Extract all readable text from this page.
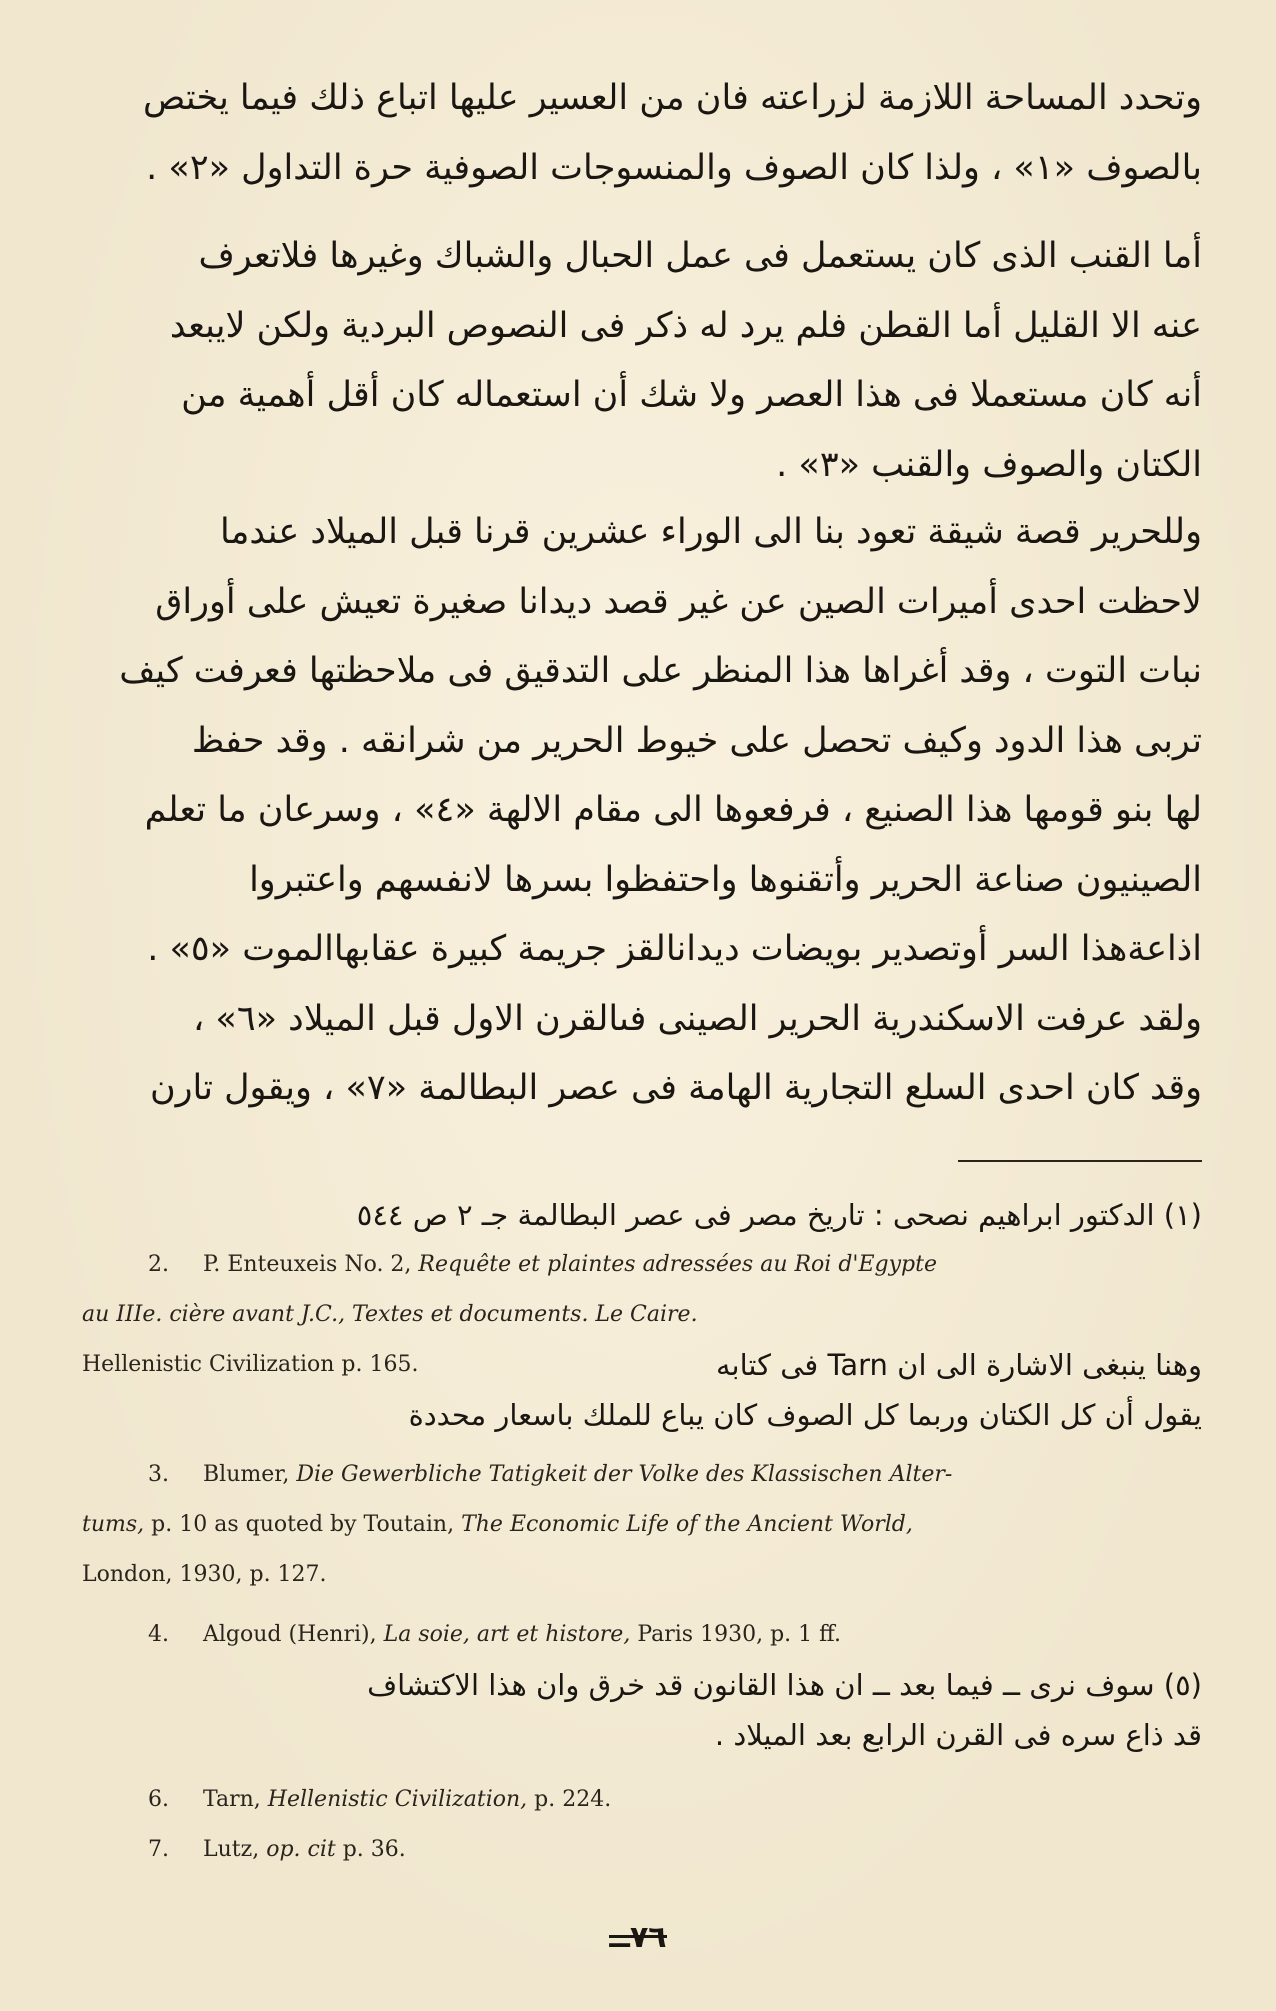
وتحدد المساحة اللازمة لزراعته فان من العسير عليها اتباع ذلك فيما يختص
بالصوف «١» ، ولذا كان الصوف والمنسوجات الصوفية حرة التداول «٢» .
أما القنب الذى كان يستعمل فى عمل الحبال والشباك وغيرها فلاتعرف
عنه الا القليل أما القطن فلم يرد له ذكر فى النصوص البردية ولكن لايبعد
أنه كان مستعملا فى هذا العصر ولا شك أن استعماله كان أقل أهمية من
الكتان والصوف والقنب «٣» .
وللحرير قصة شيقة تعود بنا الى الوراء عشرين قرنا قبل الميلاد عندما
لاحظت احدى أميرات الصين عن غير قصد ديدانا صغيرة تعيش على أوراق
نبات التوت ، وقد أغراها هذا المنظر على التدقيق فى ملاحظتها فعرفت كيف
تربى هذا الدود وكيف تحصل على خيوط الحرير من شرانقه . وقد حفظ
لها بنو قومها هذا الصنيع ، فرفعوها الى مقام الالهة «٤» ، وسرعان ما تعلم
الصينيون صناعة الحرير وأتقنوها واحتفظوا بسرها لانفسهم واعتبروا
اذاعةهذا السر أوتصدير بويضات ديدانالقز جريمة كبيرة عقابهاالموت «٥» .
ولقد عرفت الاسكندرية الحرير الصينى فىالقرن الاول قبل الميلاد «٦» ،
وقد كان احدى السلع التجارية الهامة فى عصر البطالمة «٧» ، ويقول تارن

(١) الدكتور ابراهيم نصحى : تاريخ مصر فى عصر البطالمة جـ ٢ ص ٥٤٤

2. P. Enteuxeis No. 2, Requête et plaintes adressées au Roi d'Egypte

au IIIe. cière avant J.C., Textes et documents. Le Caire.

Hellenistic Civilization p. 165.	وهنا ينبغى الاشارة الى ان Tarn فى كتابه

يقول أن كل الكتان وربما كل الصوف كان يباع للملك باسعار محددة

3. Blumer, Die Gewerbliche Tatigkeit der Volke des Klassischen Alter-

tums, p. 10 as quoted by Toutain, The Economic Life of the Ancient World,

London, 1930, p. 127.

4. Algoud (Henri), La soie, art et histore, Paris 1930, p. 1 ff.

(٥) سوف نرى ــ فيما بعد ــ ان هذا القانون قد خرق وان هذا الاكتشاف

قد ذاع سره فى القرن الرابع بعد الميلاد .

6. Tarn, Hellenistic Civilization, p. 224.

7. Lutz, op. cit p. 36.

٧٦ــ
